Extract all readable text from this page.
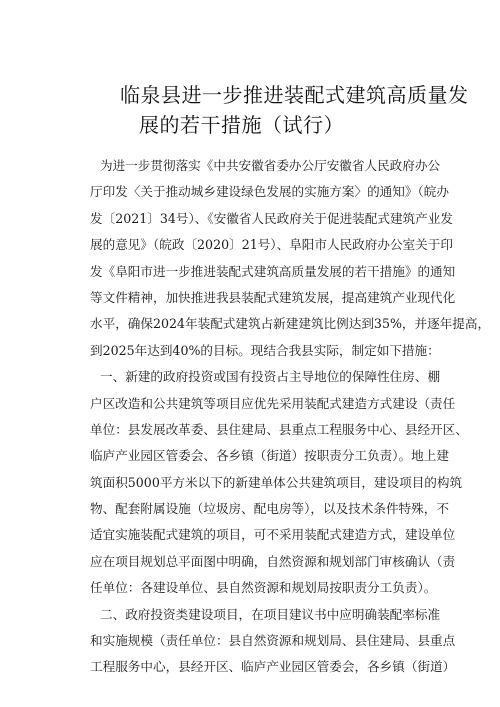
临泉县进一步推进装配式建筑高质量发
展的若干措施（试行）
为进一步贯彻落实《中共安徽省委办公厅安徽省人民政府办公
厅印发〈关于推动城乡建设绿色发展的实施方案〉的通知》（皖办
发〔2021〕34号）、《安徽省人民政府关于促进装配式建筑产业发
展的意见》（皖政〔2020〕21号）、阜阳市人民政府办公室关于印
发《阜阳市进一步推进装配式建筑高质量发展的若干措施》的通知
等文件精神，加快推进我县装配式建筑发展，提高建筑产业现代化
水平，确保2024年装配式建筑占新建建筑比例达到35%，并逐年提高，
到2025年达到40%的目标。现结合我县实际，制定如下措施：
一、新建的政府投资或国有投资占主导地位的保障性住房、棚
户区改造和公共建筑等项目应优先采用装配式建造方式建设（责任
单位：县发展改革委、县住建局、县重点工程服务中心、县经开区、
临庐产业园区管委会、各乡镇（街道）按职责分工负责）。地上建
筑面积5000平方米以下的新建单体公共建筑项目，建设项目的构筑
物、配套附属设施（垃圾房、配电房等），以及技术条件特殊，不
适宜实施装配式建筑的项目，可不采用装配式建造方式，建设单位
应在项目规划总平面图中明确，自然资源和规划部门审核确认（责
任单位：各建设单位、县自然资源和规划局按职责分工负责）。
二、政府投资类建设项目，在项目建议书中应明确装配率标准
和实施规模（责任单位：县自然资源和规划局、县住建局、县重点
工程服务中心，县经开区、临庐产业园区管委会，各乡镇（街道）
